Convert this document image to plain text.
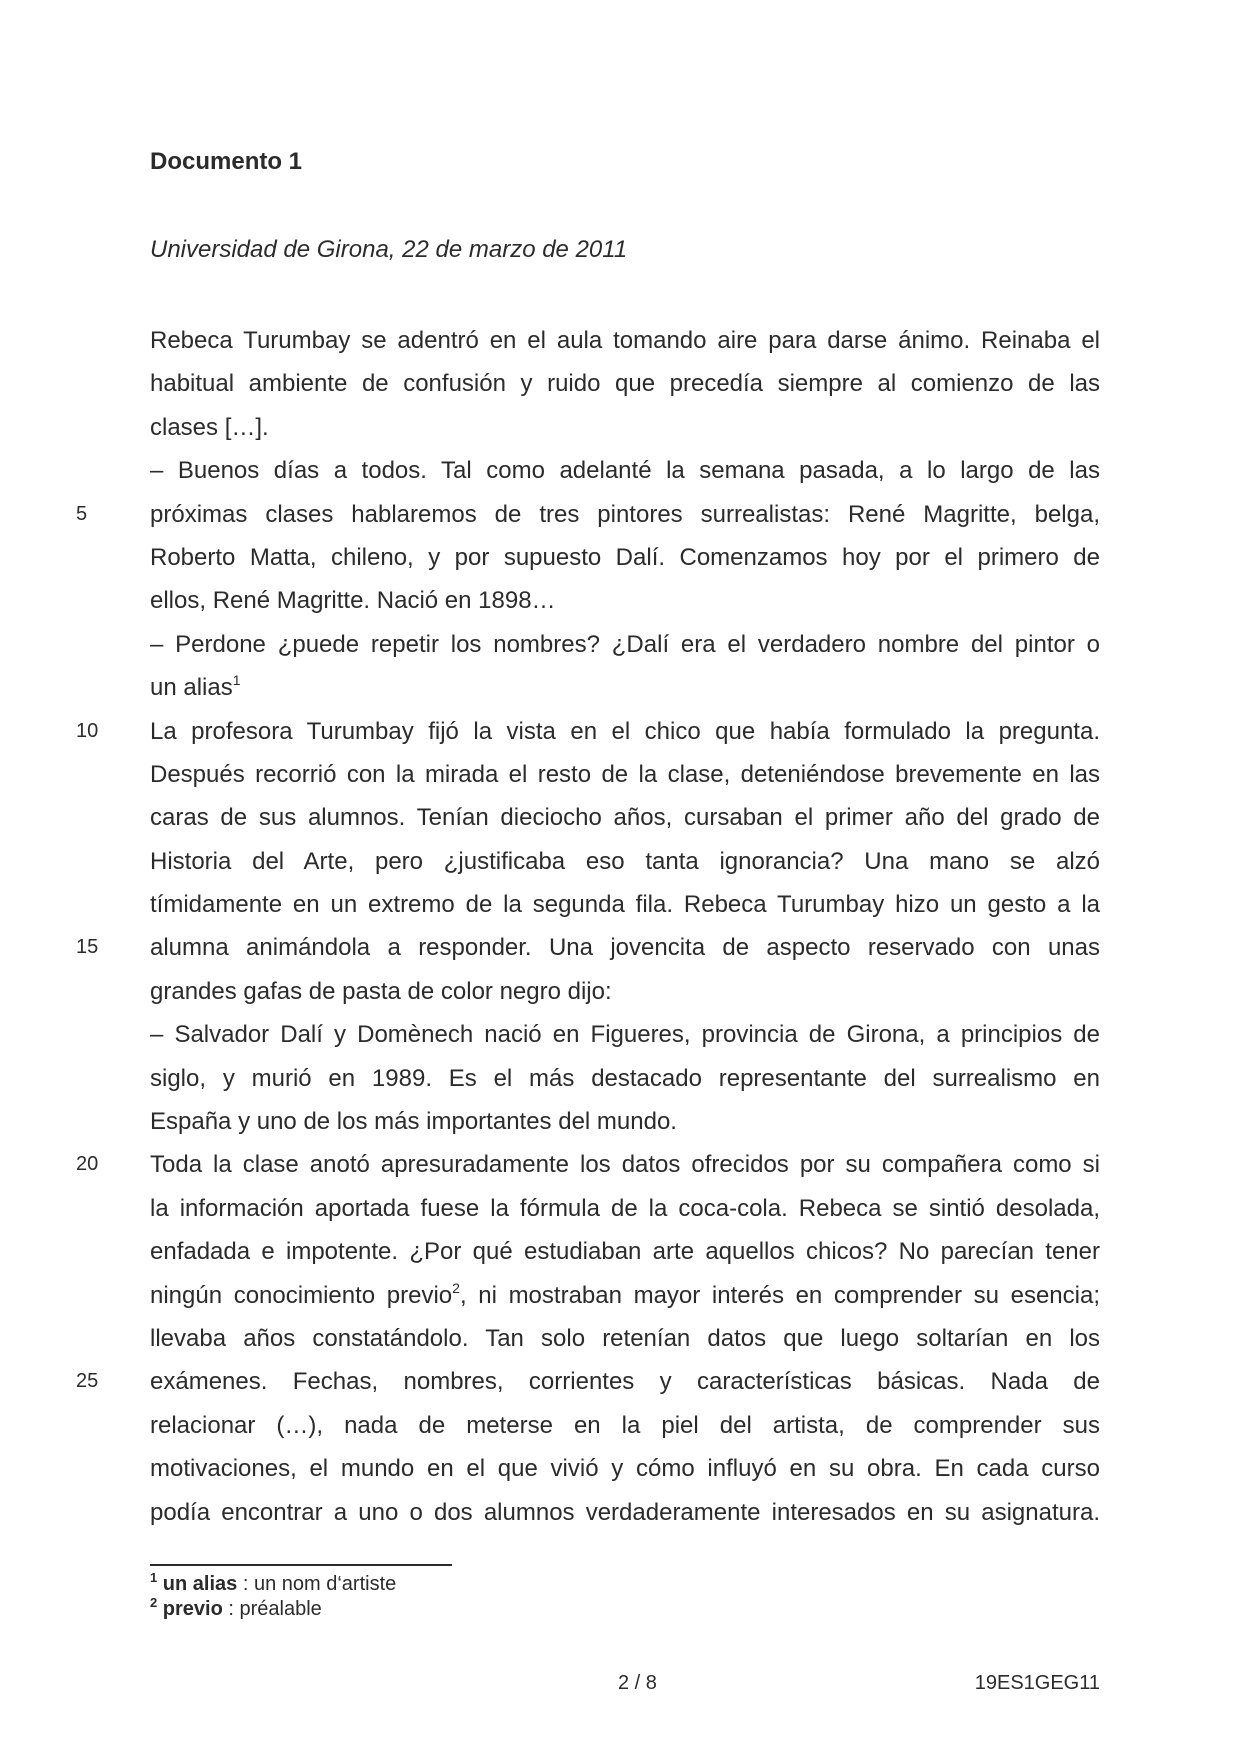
Documento 1
Universidad de Girona, 22 de marzo de 2011
Rebeca Turumbay se adentró en el aula tomando aire para darse ánimo. Reinaba el
habitual ambiente de confusión y ruido que precedía siempre al comienzo de las
clases […].
– Buenos días a todos. Tal como adelanté la semana pasada, a lo largo de las
5	próximas clases hablaremos de tres pintores surrealistas: René Magritte, belga,
Roberto Matta, chileno, y por supuesto Dalí. Comenzamos hoy por el primero de
ellos, René Magritte. Nació en 1898…
– Perdone ¿puede repetir los nombres? ¿Dalí era el verdadero nombre del pintor o
un alias$^1$
10	La profesora Turumbay fijó la vista en el chico que había formulado la pregunta.
Después recorrió con la mirada el resto de la clase, deteniéndose brevemente en las
caras de sus alumnos. Tenían dieciocho años, cursaban el primer año del grado de
Historia del Arte, pero ¿justificaba eso tanta ignorancia? Una mano se alzó
tímidamente en un extremo de la segunda fila. Rebeca Turumbay hizo un gesto a la
15	alumna animándola a responder. Una jovencita de aspecto reservado con unas
grandes gafas de pasta de color negro dijo:
– Salvador Dalí y Domènech nació en Figueres, provincia de Girona, a principios de
siglo, y murió en 1989. Es el más destacado representante del surrealismo en
España y uno de los más importantes del mundo.
20	Toda la clase anotó apresuradamente los datos ofrecidos por su compañera como si
la información aportada fuese la fórmula de la coca-cola. Rebeca se sintió desolada,
enfadada e impotente. ¿Por qué estudiaban arte aquellos chicos? No parecían tener
ningún conocimiento previo$^2$, ni mostraban mayor interés en comprender su esencia;
llevaba años constatándolo. Tan solo retenían datos que luego soltarían en los
25	exámenes. Fechas, nombres, corrientes y características básicas. Nada de
relacionar (…), nada de meterse en la piel del artista, de comprender sus
motivaciones, el mundo en el que vivió y cómo influyó en su obra. En cada curso
podía encontrar a uno o dos alumnos verdaderamente interesados en su asignatura.
$^1$ un alias : un nom d‘artiste
$^2$ previo : préalable
2 / 8	19ES1GEG11
